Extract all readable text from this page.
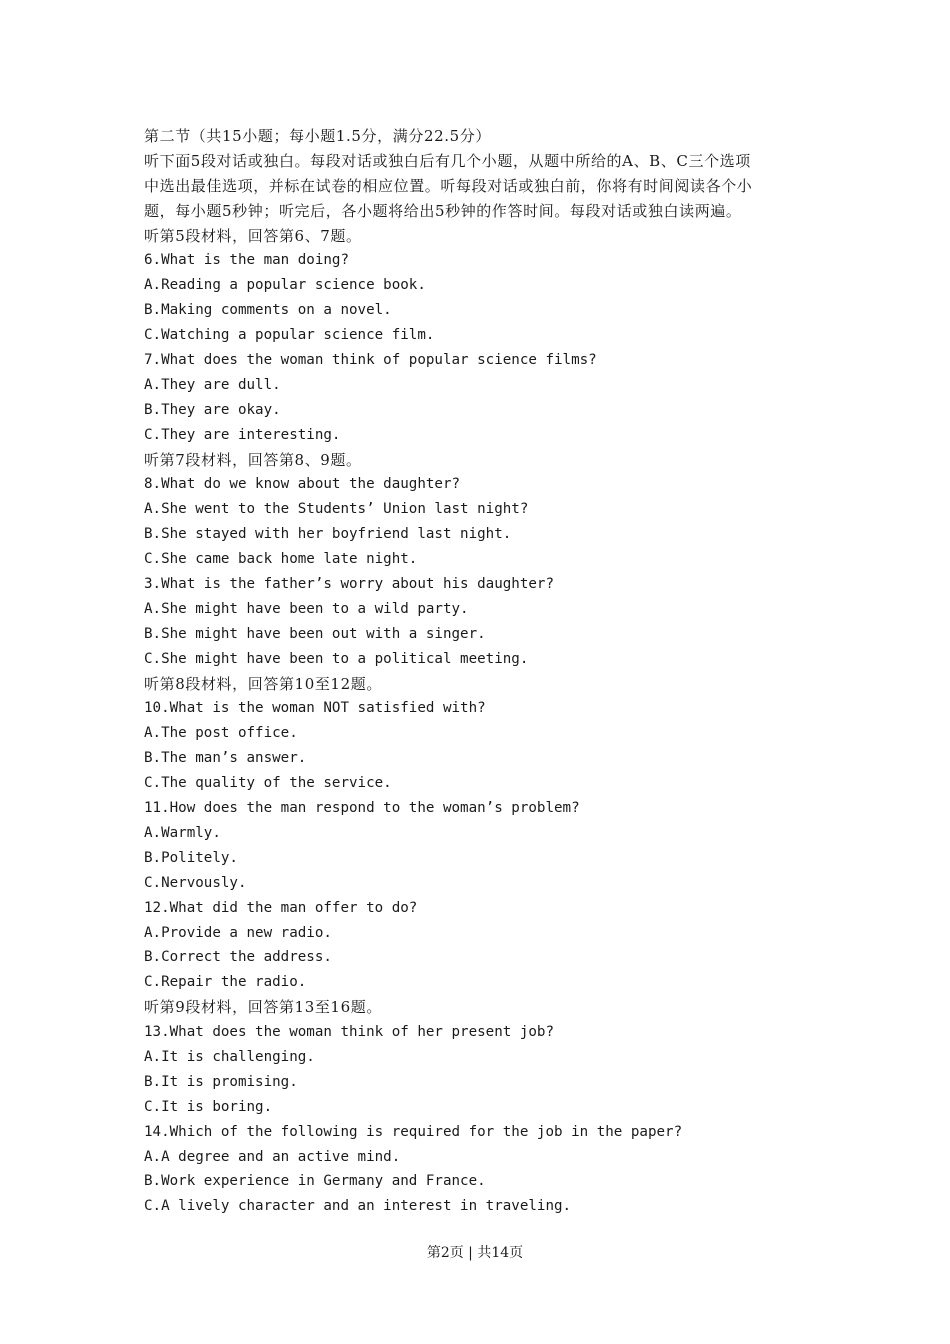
第二节（共15小题；每小题1.5分，满分22.5分）
听下面5段对话或独白。每段对话或独白后有几个小题，从题中所给的A、B、C三个选项
中选出最佳选项，并标在试卷的相应位置。听每段对话或独白前，你将有时间阅读各个小
题，每小题5秒钟；听完后，各小题将给出5秒钟的作答时间。每段对话或独白读两遍。
听第5段材料，回答第6、7题。
6.What is the man doing?
A.Reading a popular science book.
B.Making comments on a novel.
C.Watching a popular science film.
7.What does the woman think of popular science films?
A.They are dull.
B.They are okay.
C.They are interesting.
听第7段材料，回答第8、9题。
8.What do we know about the daughter?
A.She went to the Students’ Union last night?
B.She stayed with her boyfriend last night.
C.She came back home late night.
3.What is the father’s worry about his daughter?
A.She might have been to a wild party.
B.She might have been out with a singer.
C.She might have been to a political meeting.
听第8段材料，回答第10至12题。
10.What is the woman NOT satisfied with?
A.The post office.
B.The man’s answer.
C.The quality of the service.
11.How does the man respond to the woman’s problem?
A.Warmly.
B.Politely.
C.Nervously.
12.What did the man offer to do?
A.Provide a new radio.
B.Correct the address.
C.Repair the radio.
听第9段材料，回答第13至16题。
13.What does the woman think of her present job?
A.It is challenging.
B.It is promising.
C.It is boring.
14.Which of the following is required for the job in the paper?
A.A degree and an active mind.
B.Work experience in Germany and France.
C.A lively character and an interest in traveling.
第2页 | 共14页
